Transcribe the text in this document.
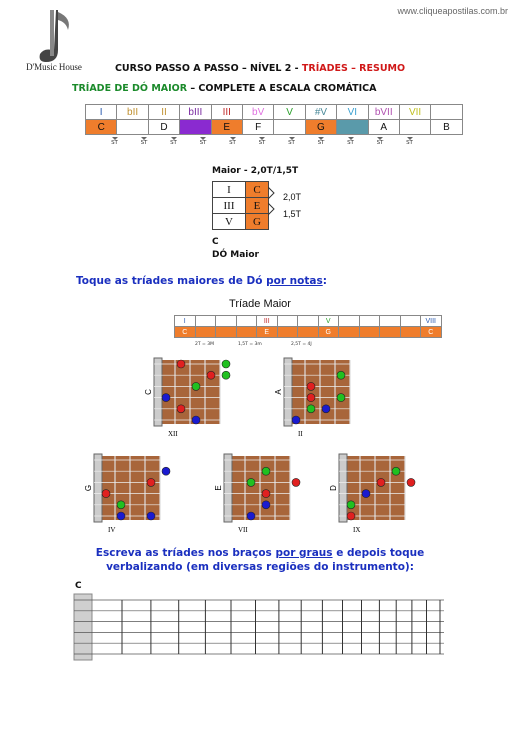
www.cliqueapostilas.com.br
D'Music House	CURSO PASSO A PASSO – NÍVEL 2 - TRÍADES – RESUMO
TRÍADE DE DÓ MAIOR – COMPLETE A ESCALA CROMÁTICA
I	bII	II	bIII	III	bV	V	#V	VI	bVII	VII	
C		D		E	F		G		A		B
ST	ST	ST	ST	ST	ST	ST	ST	ST	ST	ST
Maior - 2,0T/1,5T
I	C
III	E
V	G
2,0T
1,5T
C
DÓ Maior
Toque as tríades maiores de Dó por notas:
Tríade Maior
I				III			V					VIII
C				E			G					C
2T = 3M	1,5T = 3m	2,5T = 4J
C
XII
A
II
G
IV
E
VII
D
IX
Escreva as tríades nos braços por graus e depois toque
verbalizando (em diversas regiões do instrumento):
C
